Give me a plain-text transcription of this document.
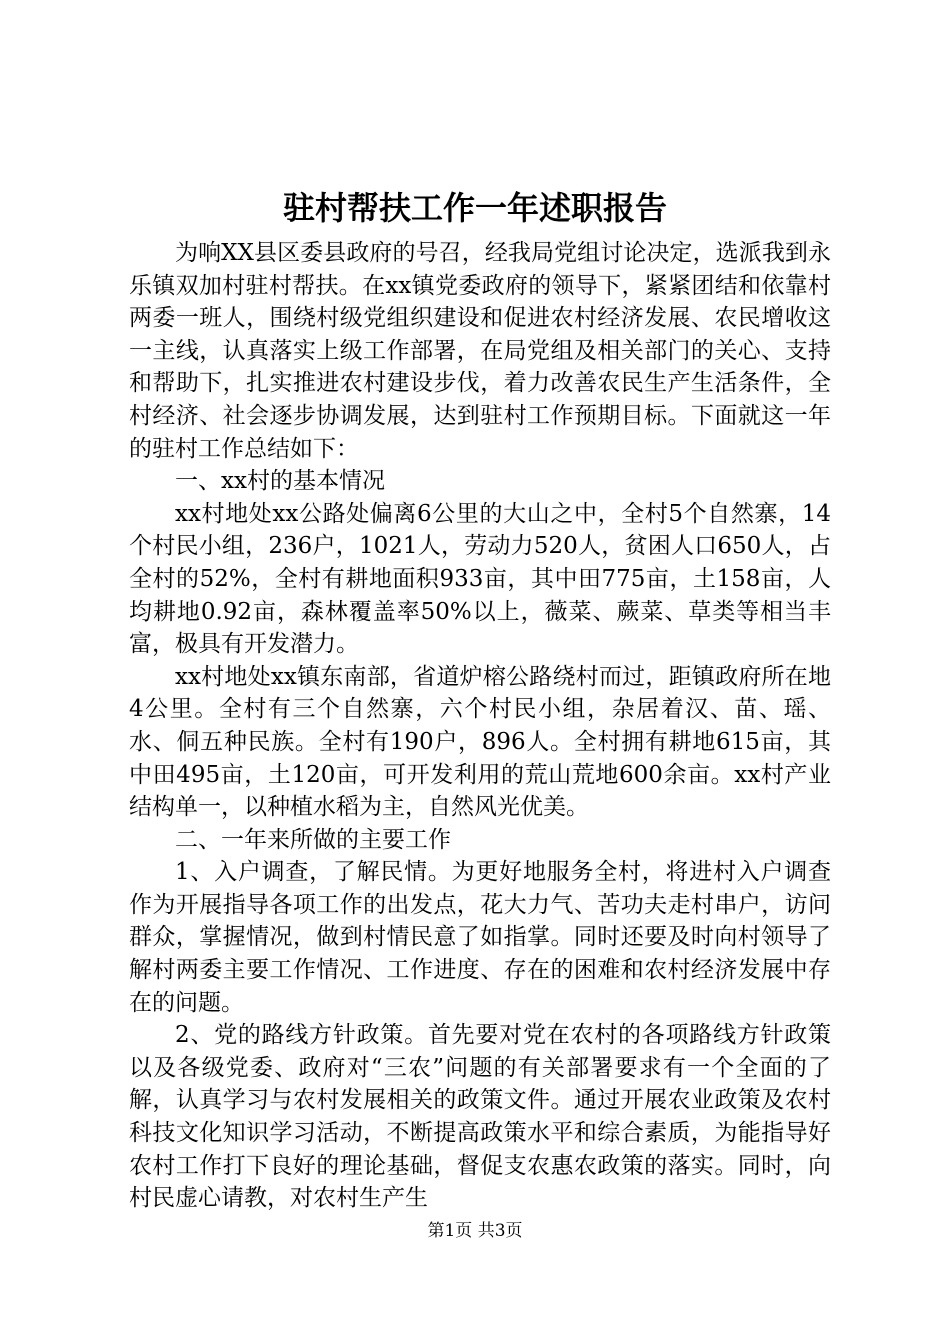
驻村帮扶工作一年述职报告

为响XX县区委县政府的号召，经我局党组讨论决定，选派我到永乐镇双加村驻村帮扶。在xx镇党委政府的领导下，紧紧团结和依靠村两委一班人，围绕村级党组织建设和促进农村经济发展、农民增收这一主线，认真落实上级工作部署，在局党组及相关部门的关心、支持和帮助下，扎实推进农村建设步伐，着力改善农民生产生活条件，全村经济、社会逐步协调发展，达到驻村工作预期目标。下面就这一年的驻村工作总结如下：

一、xx村的基本情况

xx村地处xx公路处偏离6公里的大山之中，全村5个自然寨，14个村民小组，236户，1021人，劳动力520人，贫困人口650人，占全村的52%，全村有耕地面积933亩，其中田775亩，土158亩，人均耕地0.92亩，森林覆盖率50%以上，薇菜、蕨菜、草类等相当丰富，极具有开发潜力。

xx村地处xx镇东南部，省道炉榕公路绕村而过，距镇政府所在地4公里。全村有三个自然寨，六个村民小组，杂居着汉、苗、瑶、水、侗五种民族。全村有190户，896人。全村拥有耕地615亩，其中田495亩，土120亩，可开发利用的荒山荒地600余亩。xx村产业结构单一，以种植水稻为主，自然风光优美。

二、一年来所做的主要工作

1、入户调查，了解民情。为更好地服务全村，将进村入户调查作为开展指导各项工作的出发点，花大力气、苦功夫走村串户，访问群众，掌握情况，做到村情民意了如指掌。同时还要及时向村领导了解村两委主要工作情况、工作进度、存在的困难和农村经济发展中存在的问题。

2、党的路线方针政策。首先要对党在农村的各项路线方针政策以及各级党委、政府对“三农”问题的有关部署要求有一个全面的了解，认真学习与农村发展相关的政策文件。通过开展农业政策及农村科技文化知识学习活动，不断提高政策水平和综合素质，为能指导好农村工作打下良好的理论基础，督促支农惠农政策的落实。同时，向村民虚心请教，对农村生产生

第1页 共3页
